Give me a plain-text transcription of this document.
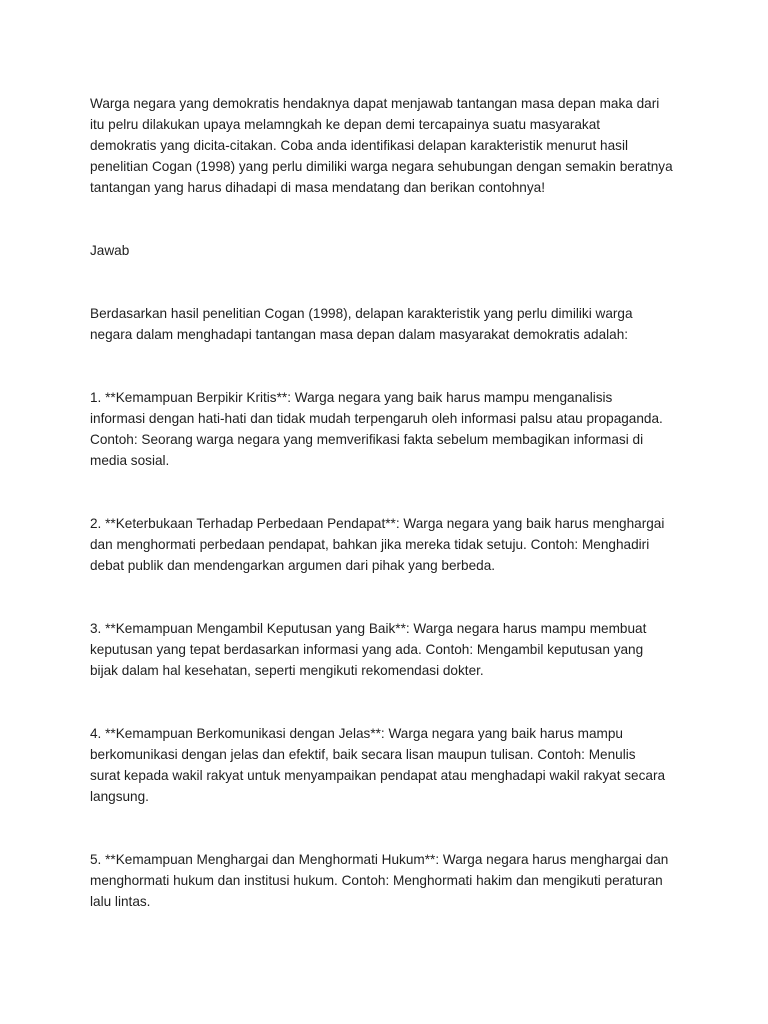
Warga negara yang demokratis hendaknya dapat menjawab tantangan masa depan maka dari
itu pelru dilakukan upaya melamngkah ke depan demi tercapainya suatu masyarakat
demokratis yang dicita-citakan. Coba anda identifikasi delapan karakteristik menurut hasil
penelitian Cogan (1998) yang perlu dimiliki warga negara sehubungan dengan semakin beratnya
tantangan yang harus dihadapi di masa mendatang dan berikan contohnya!

Jawab

Berdasarkan hasil penelitian Cogan (1998), delapan karakteristik yang perlu dimiliki warga
negara dalam menghadapi tantangan masa depan dalam masyarakat demokratis adalah:

1. **Kemampuan Berpikir Kritis**: Warga negara yang baik harus mampu menganalisis
informasi dengan hati-hati dan tidak mudah terpengaruh oleh informasi palsu atau propaganda.
Contoh: Seorang warga negara yang memverifikasi fakta sebelum membagikan informasi di
media sosial.

2. **Keterbukaan Terhadap Perbedaan Pendapat**: Warga negara yang baik harus menghargai
dan menghormati perbedaan pendapat, bahkan jika mereka tidak setuju. Contoh: Menghadiri
debat publik dan mendengarkan argumen dari pihak yang berbeda.

3. **Kemampuan Mengambil Keputusan yang Baik**: Warga negara harus mampu membuat
keputusan yang tepat berdasarkan informasi yang ada. Contoh: Mengambil keputusan yang
bijak dalam hal kesehatan, seperti mengikuti rekomendasi dokter.

4. **Kemampuan Berkomunikasi dengan Jelas**: Warga negara yang baik harus mampu
berkomunikasi dengan jelas dan efektif, baik secara lisan maupun tulisan. Contoh: Menulis
surat kepada wakil rakyat untuk menyampaikan pendapat atau menghadapi wakil rakyat secara
langsung.

5. **Kemampuan Menghargai dan Menghormati Hukum**: Warga negara harus menghargai dan
menghormati hukum dan institusi hukum. Contoh: Menghormati hakim dan mengikuti peraturan
lalu lintas.
